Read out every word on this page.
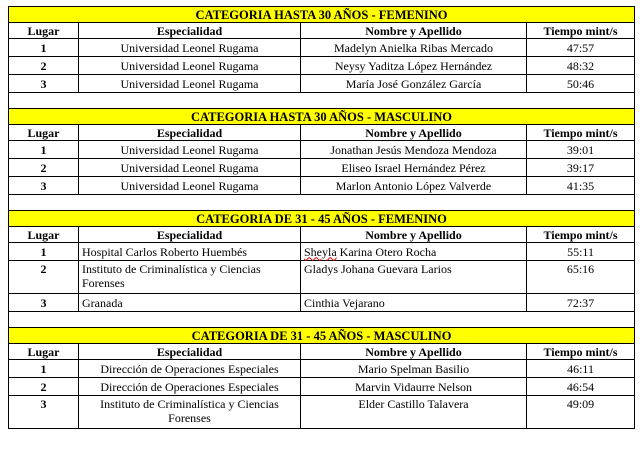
CATEGORIA HASTA 30 AÑOS - FEMENINO			
Lugar	Especialidad	Nombre y Apellido	Tiempo mint/s
1	Universidad Leonel Rugama	Madelyn Anielka Ribas Mercado	47:57
2	Universidad Leonel Rugama	Neysy Yaditza López Hernández	48:32
3	Universidad Leonel Rugama	María José González García	50:46

CATEGORIA HASTA 30 AÑOS - MASCULINO			
Lugar	Especialidad	Nombre y Apellido	Tiempo mint/s
1	Universidad Leonel Rugama	Jonathan Jesús Mendoza Mendoza	39:01
2	Universidad Leonel Rugama	Eliseo Israel Hernández Pérez	39:17
3	Universidad Leonel Rugama	Marlon Antonio López Valverde	41:35

CATEGORIA DE 31 - 45 AÑOS - FEMENINO			
Lugar	Especialidad	Nombre y Apellido	Tiempo mint/s
1	Hospital Carlos Roberto Huembés	Sheyla Karina Otero Rocha	55:11
2	Instituto de Criminalística y Ciencias Forenses	Gladys Johana Guevara Larios	65:16
3	Granada	Cinthia Vejarano	72:37

CATEGORIA DE 31 - 45 AÑOS - MASCULINO			
Lugar	Especialidad	Nombre y Apellido	Tiempo mint/s
1	Dirección de Operaciones Especiales	Mario Spelman Basilio	46:11
2	Dirección de Operaciones Especiales	Marvin Vidaurre Nelson	46:54
3	Instituto de Criminalística y Ciencias Forenses	Elder Castillo Talavera	49:09
